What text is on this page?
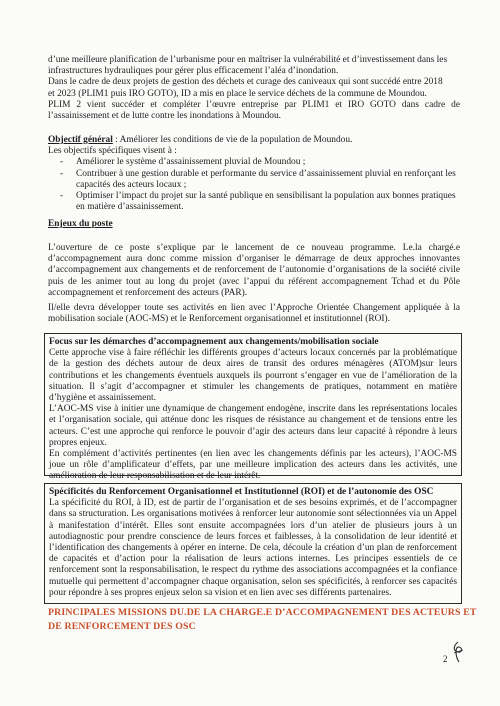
d’une meilleure planification de l’urbanisme pour en maîtriser la vulnérabilité et d’investissement dans les

infrastructures hydrauliques pour gérer plus efficacement l’aléa d’inondation.

Dans le cadre de deux projets de gestion des déchets et curage des caniveaux qui sont succédé entre 2018

et 2023 (PLIM1 puis IRO GOTO), ID a mis en place le service déchets de la commune de Moundou.

PLIM 2 vient succéder et compléter l’œuvre entreprise par PLIM1 et IRO GOTO dans cadre de l’assainissement et de lutte contre les inondations à Moundou.

Objectif général : Améliorer les conditions de vie de la population de Moundou.

Les objectifs spécifiques visent à :

- Améliorer le système d’assainissement pluvial de Moundou ;
- Contribuer à une gestion durable et performante du service d’assainissement pluvial en renforçant les capacités des acteurs locaux ;
- Optimiser l’impact du projet sur la santé publique en sensibilisant la population aux bonnes pratiques en matière d’assainissement.

Enjeux du poste

L’ouverture de ce poste s’explique par le lancement de ce nouveau programme. Le.la chargé.e d’accompagnement aura donc comme mission d’organiser le démarrage de deux approches innovantes d’accompagnement aux changements et de renforcement de l’autonomie d’organisations de la société civile puis de les animer tout au long du projet (avec l’appui du référent accompagnement Tchad et du Pôle accompagnement et renforcement des acteurs (PAR).

Il/elle devra développer toute ses activités en lien avec l’Approche Orientée Changement appliquée à la mobilisation sociale (AOC-MS) et le Renforcement organisationnel et institutionnel (ROI).

Focus sur les démarches d’accompagnement aux changements/mobilisation sociale

Cette approche vise à faire réfléchir les différents groupes d’acteurs locaux concernés par la problématique de la gestion des déchets autour de deux aires de transit des ordures ménagères (ATOM)sur leurs contributions et les changements éventuels auxquels ils pourront s’engager en vue de l’amélioration de la situation. Il s’agit d’accompagner et stimuler les changements de pratiques, notamment en matière d’hygiène et assainissement.

L’AOC-MS vise à initier une dynamique de changement endogène, inscrite dans les représentations locales et l’organisation sociale, qui atténue donc les risques de résistance au changement et de tensions entre les acteurs. C’est une approche qui renforce le pouvoir d’agir des acteurs dans leur capacité à répondre à leurs propres enjeux.

En complément d’activités pertinentes (en lien avec les changements définis par les acteurs), l’AOC-MS joue un rôle d’amplificateur d’effets, par une meilleure implication des acteurs dans les activités, une amélioration de leur responsabilisation et de leur intérêt.

Spécificités du Renforcement Organisationnel et Institutionnel (ROI) et de l’autonomie des OSC

La spécificité du ROI, à ID, est de partir de l’organisation et de ses besoins exprimés, et de l’accompagner dans sa structuration. Les organisations motivées à renforcer leur autonomie sont sélectionnées via un Appel à manifestation d’intérêt. Elles sont ensuite accompagnées lors d’un atelier de plusieurs jours à un autodiagnostic pour prendre conscience de leurs forces et faiblesses, à la consolidation de leur identité et l’identification des changements à opérer en interne. De cela, découle la création d’un plan de renforcement de capacités et d’action pour la réalisation de leurs actions internes. Les principes essentiels de ce renforcement sont la responsabilisation, le respect du rythme des associations accompagnées et la confiance mutuelle qui permettent d’accompagner chaque organisation, selon ses spécificités, à renforcer ses capacités pour répondre à ses propres enjeux selon sa vision et en lien avec ses différents partenaires.

PRINCIPALES MISSIONS DU.DE LA CHARGE.E D’ACCOMPAGNEMENT DES ACTEURS ET

DE RENFORCEMENT DES OSC

2
